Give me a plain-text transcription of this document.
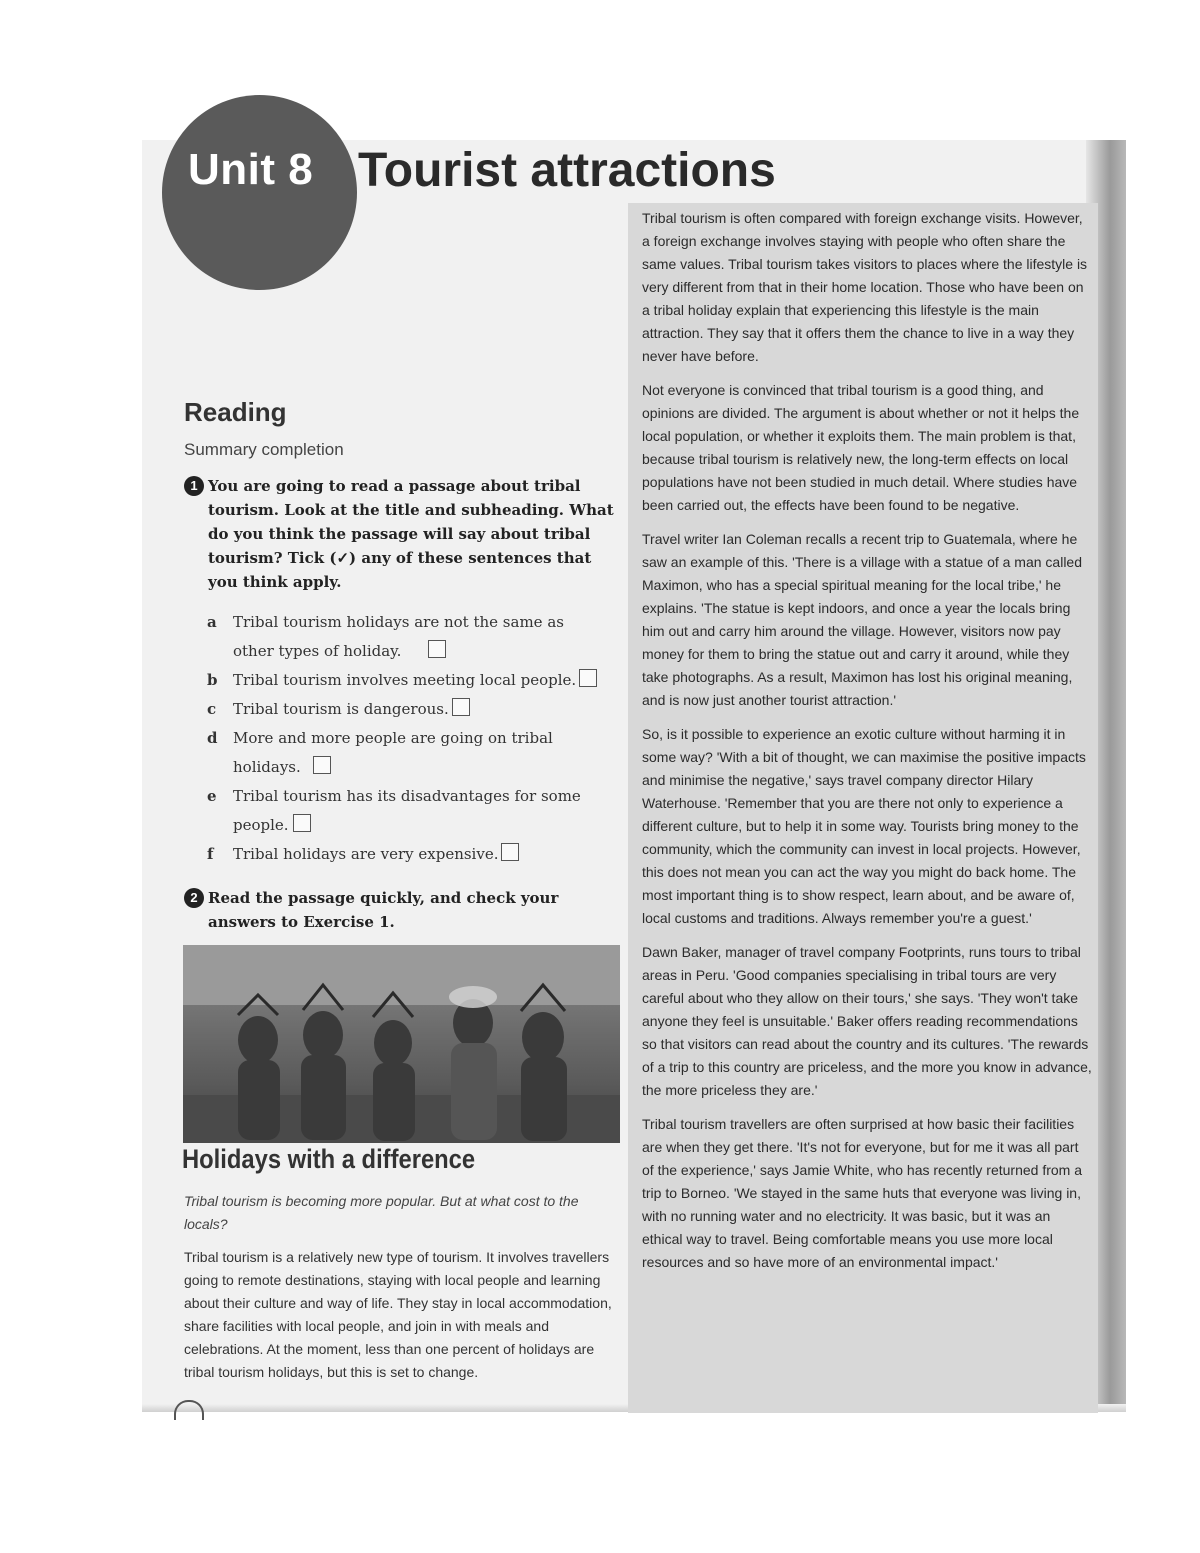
Tribal tourism is often compared with foreign exchange visits. However, a foreign exchange involves staying with people who often share the same values. Tribal tourism takes visitors to places where the lifestyle is very different from that in their home location. Those who have been on a tribal holiday explain that experiencing this lifestyle is the main attraction. They say that it offers them the chance to live in a way they never have before.

Not everyone is convinced that tribal tourism is a good thing, and opinions are divided. The argument is about whether or not it helps the local population, or whether it exploits them. The main problem is that, because tribal tourism is relatively new, the long-term effects on local populations have not been studied in much detail. Where studies have been carried out, the effects have been found to be negative.

Travel writer Ian Coleman recalls a recent trip to Guatemala, where he saw an example of this. 'There is a village with a statue of a man called Maximon, who has a special spiritual meaning for the local tribe,' he explains. 'The statue is kept indoors, and once a year the locals bring him out and carry him around the village. However, visitors now pay money for them to bring the statue out and carry it around, while they take photographs. As a result, Maximon has lost his original meaning, and is now just another tourist attraction.'

So, is it possible to experience an exotic culture without harming it in some way? 'With a bit of thought, we can maximise the positive impacts and minimise the negative,' says travel company director Hilary Waterhouse. 'Remember that you are there not only to experience a different culture, but to help it in some way. Tourists bring money to the community, which the community can invest in local projects. However, this does not mean you can act the way you might do back home. The most important thing is to show respect, learn about, and be aware of, local customs and traditions. Always remember you're a guest.'

Dawn Baker, manager of travel company Footprints, runs tours to tribal areas in Peru. 'Good companies specialising in tribal tours are very careful about who they allow on their tours,' she says. 'They won't take anyone they feel is unsuitable.' Baker offers reading recommendations so that visitors can read about the country and its cultures. 'The rewards of a trip to this country are priceless, and the more you know in advance, the more priceless they are.'

Tribal tourism travellers are often surprised at how basic their facilities are when they get there. 'It's not for everyone, but for me it was all part of the experience,' says Jamie White, who has recently returned from a trip to Borneo. 'We stayed in the same huts that everyone was living in, with no running water and no electricity. It was basic, but it was an ethical way to travel. Being comfortable means you use more local resources and so have more of an environmental impact.'

Unit 8 Tourist attractions
Reading
Summary completion
1 You are going to read a passage about tribal tourism. Look at the title and subheading. What do you think the passage will say about tribal tourism? Tick (✓) any of these sentences that you think apply.
a Tribal tourism holidays are not the same as other types of holiday.
b Tribal tourism involves meeting local people.
c Tribal tourism is dangerous.
d More and more people are going on tribal holidays.
e Tribal tourism has its disadvantages for some people.
f Tribal holidays are very expensive.
2 Read the passage quickly, and check your answers to Exercise 1.
Holidays with a difference
Tribal tourism is becoming more popular. But at what cost to the locals?
Tribal tourism is a relatively new type of tourism. It involves travellers going to remote destinations, staying with local people and learning about their culture and way of life. They stay in local accommodation, share facilities with local people, and join in with meals and celebrations. At the moment, less than one percent of holidays are tribal tourism holidays, but this is set to change.
